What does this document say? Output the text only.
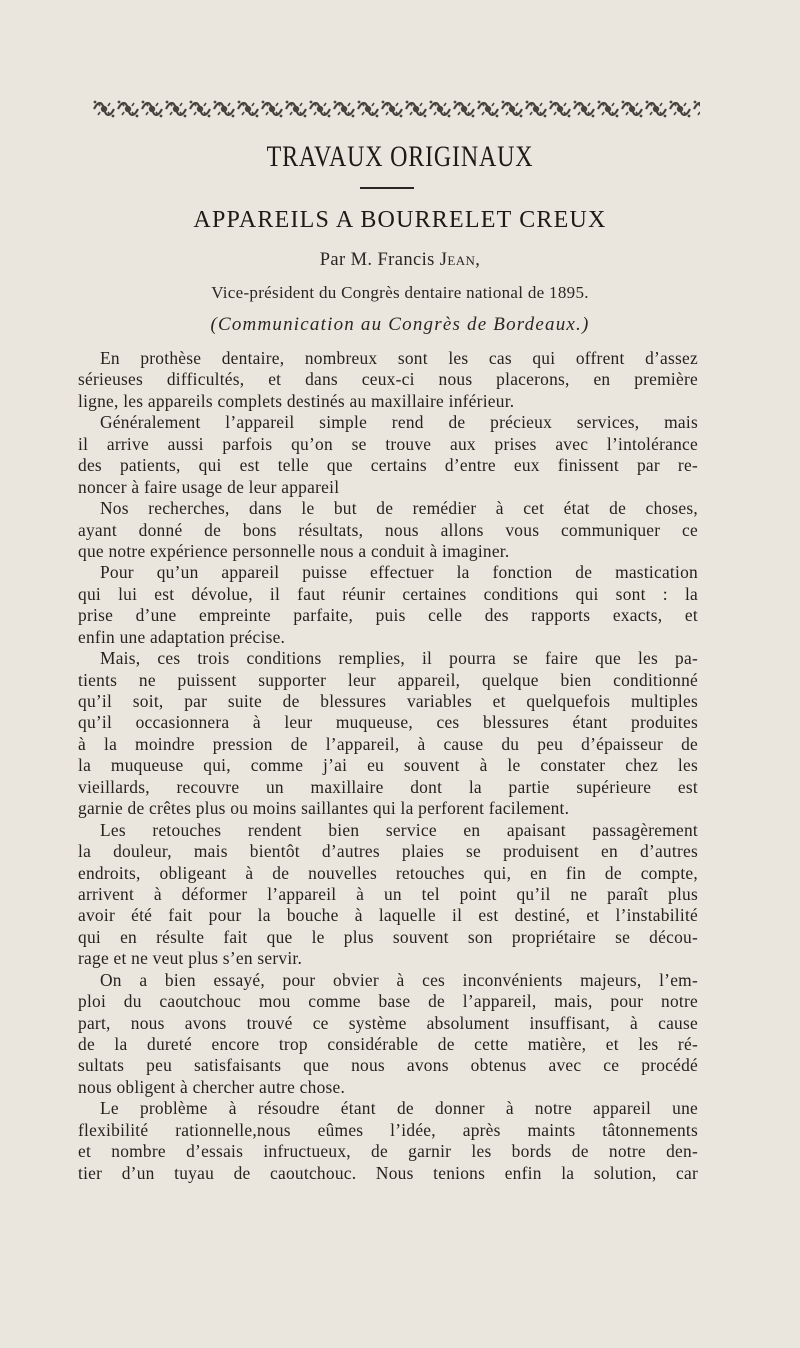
TRAVAUX ORIGINAUX
APPAREILS A BOURRELET CREUX
Par M. Francis Jean,
Vice-président du Congrès dentaire national de 1895.
(Communication au Congrès de Bordeaux.)
En prothèse dentaire, nombreux sont les cas qui offrent d’assez
sérieuses difficultés, et dans ceux-ci nous placerons, en première
ligne, les appareils complets destinés au maxillaire inférieur.
Généralement l’appareil simple rend de précieux services, mais
il arrive aussi parfois qu’on se trouve aux prises avec l’intolérance
des patients, qui est telle que certains d’entre eux finissent par re-
noncer à faire usage de leur appareil
Nos recherches, dans le but de remédier à cet état de choses,
ayant donné de bons résultats, nous allons vous communiquer ce
que notre expérience personnelle nous a conduit à imaginer.
Pour qu’un appareil puisse effectuer la fonction de mastication
qui lui est dévolue, il faut réunir certaines conditions qui sont : la
prise d’une empreinte parfaite, puis celle des rapports exacts, et
enfin une adaptation précise.
Mais, ces trois conditions remplies, il pourra se faire que les pa-
tients ne puissent supporter leur appareil, quelque bien conditionné
qu’il soit, par suite de blessures variables et quelquefois multiples
qu’il occasionnera à leur muqueuse, ces blessures étant produites
à la moindre pression de l’appareil, à cause du peu d’épaisseur de
la muqueuse qui, comme j’ai eu souvent à le constater chez les
vieillards, recouvre un maxillaire dont la partie supérieure est
garnie de crêtes plus ou moins saillantes qui la perforent facilement.
Les retouches rendent bien service en apaisant passagèrement
la douleur, mais bientôt d’autres plaies se produisent en d’autres
endroits, obligeant à de nouvelles retouches qui, en fin de compte,
arrivent à déformer l’appareil à un tel point qu’il ne paraît plus
avoir été fait pour la bouche à laquelle il est destiné, et l’instabilité
qui en résulte fait que le plus souvent son propriétaire se décou-
rage et ne veut plus s’en servir.
On a bien essayé, pour obvier à ces inconvénients majeurs, l’em-
ploi du caoutchouc mou comme base de l’appareil, mais, pour notre
part, nous avons trouvé ce système absolument insuffisant, à cause
de la dureté encore trop considérable de cette matière, et les ré-
sultats peu satisfaisants que nous avons obtenus avec ce procédé
nous obligent à chercher autre chose.
Le problème à résoudre étant de donner à notre appareil une
flexibilité rationnelle,nous eûmes l’idée, après maints tâtonnements
et nombre d’essais infructueux, de garnir les bords de notre den-
tier d’un tuyau de caoutchouc. Nous tenions enfin la solution, car
